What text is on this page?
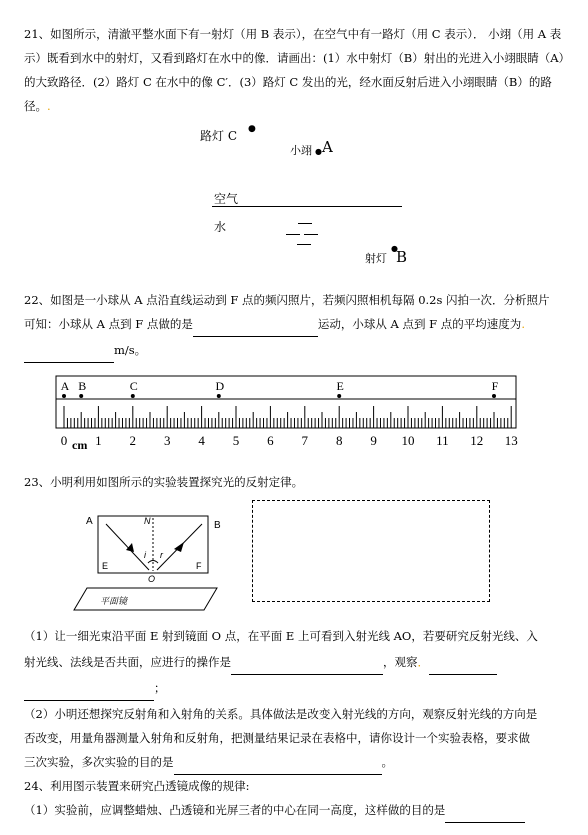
21、如图所示，清澈平整水面下有一射灯（用 B 表示），在空气中有一路灯（用 C 表示）． 小翊（用 A 表示）既看到水中的射灯，又看到路灯在水中的像．请画出：(1）水中射灯（B）射出的光进入小翊眼睛（A）的大致路径．(2）路灯 C 在水中的像 C′．(3）路灯 C 发出的光，经水面反射后进入小翊眼睛（B）的路径。.

路灯 C ●
小翊 ● A
空气
水
射灯
●
B

22、如图是一小球从 A 点沿直线运动到 F 点的频闪照片，若频闪照相机每隔 0.2s 闪拍一次．分析照片

可知：小球从 A 点到 F 点做的是	运动，小球从 A 点到 F 点的平均速度为.

m/s。

0 1 2 3 4 5 6 7 8 9 10 11 12 13
A B	C	D	E	F
cm

23、小明利用如图所示的实验装置探究光的反射定律。

A	B
N
i r
O
E	F
平面镜

（1）让一细光束沿平面 E 射到镜面 O 点，在平面 E 上可看到入射光线 AO，若要研究反射光线、入

射光线、法线是否共面，应进行的操作是	，观察．

；

（2）小明还想探究反射角和入射角的关系。具体做法是改变入射光线的方向，观察反射光线的方向是

否改变，用量角器测量入射角和反射角，把测量结果记录在表格中，请你设计一个实验表格，要求做

三次实验，多次实验的目的是	。

24、利用图示装置来研究凸透镜成像的规律:

（1）实验前，应调整蜡烛、凸透镜和光屏三者的中心在同一高度，这样做的目的是
